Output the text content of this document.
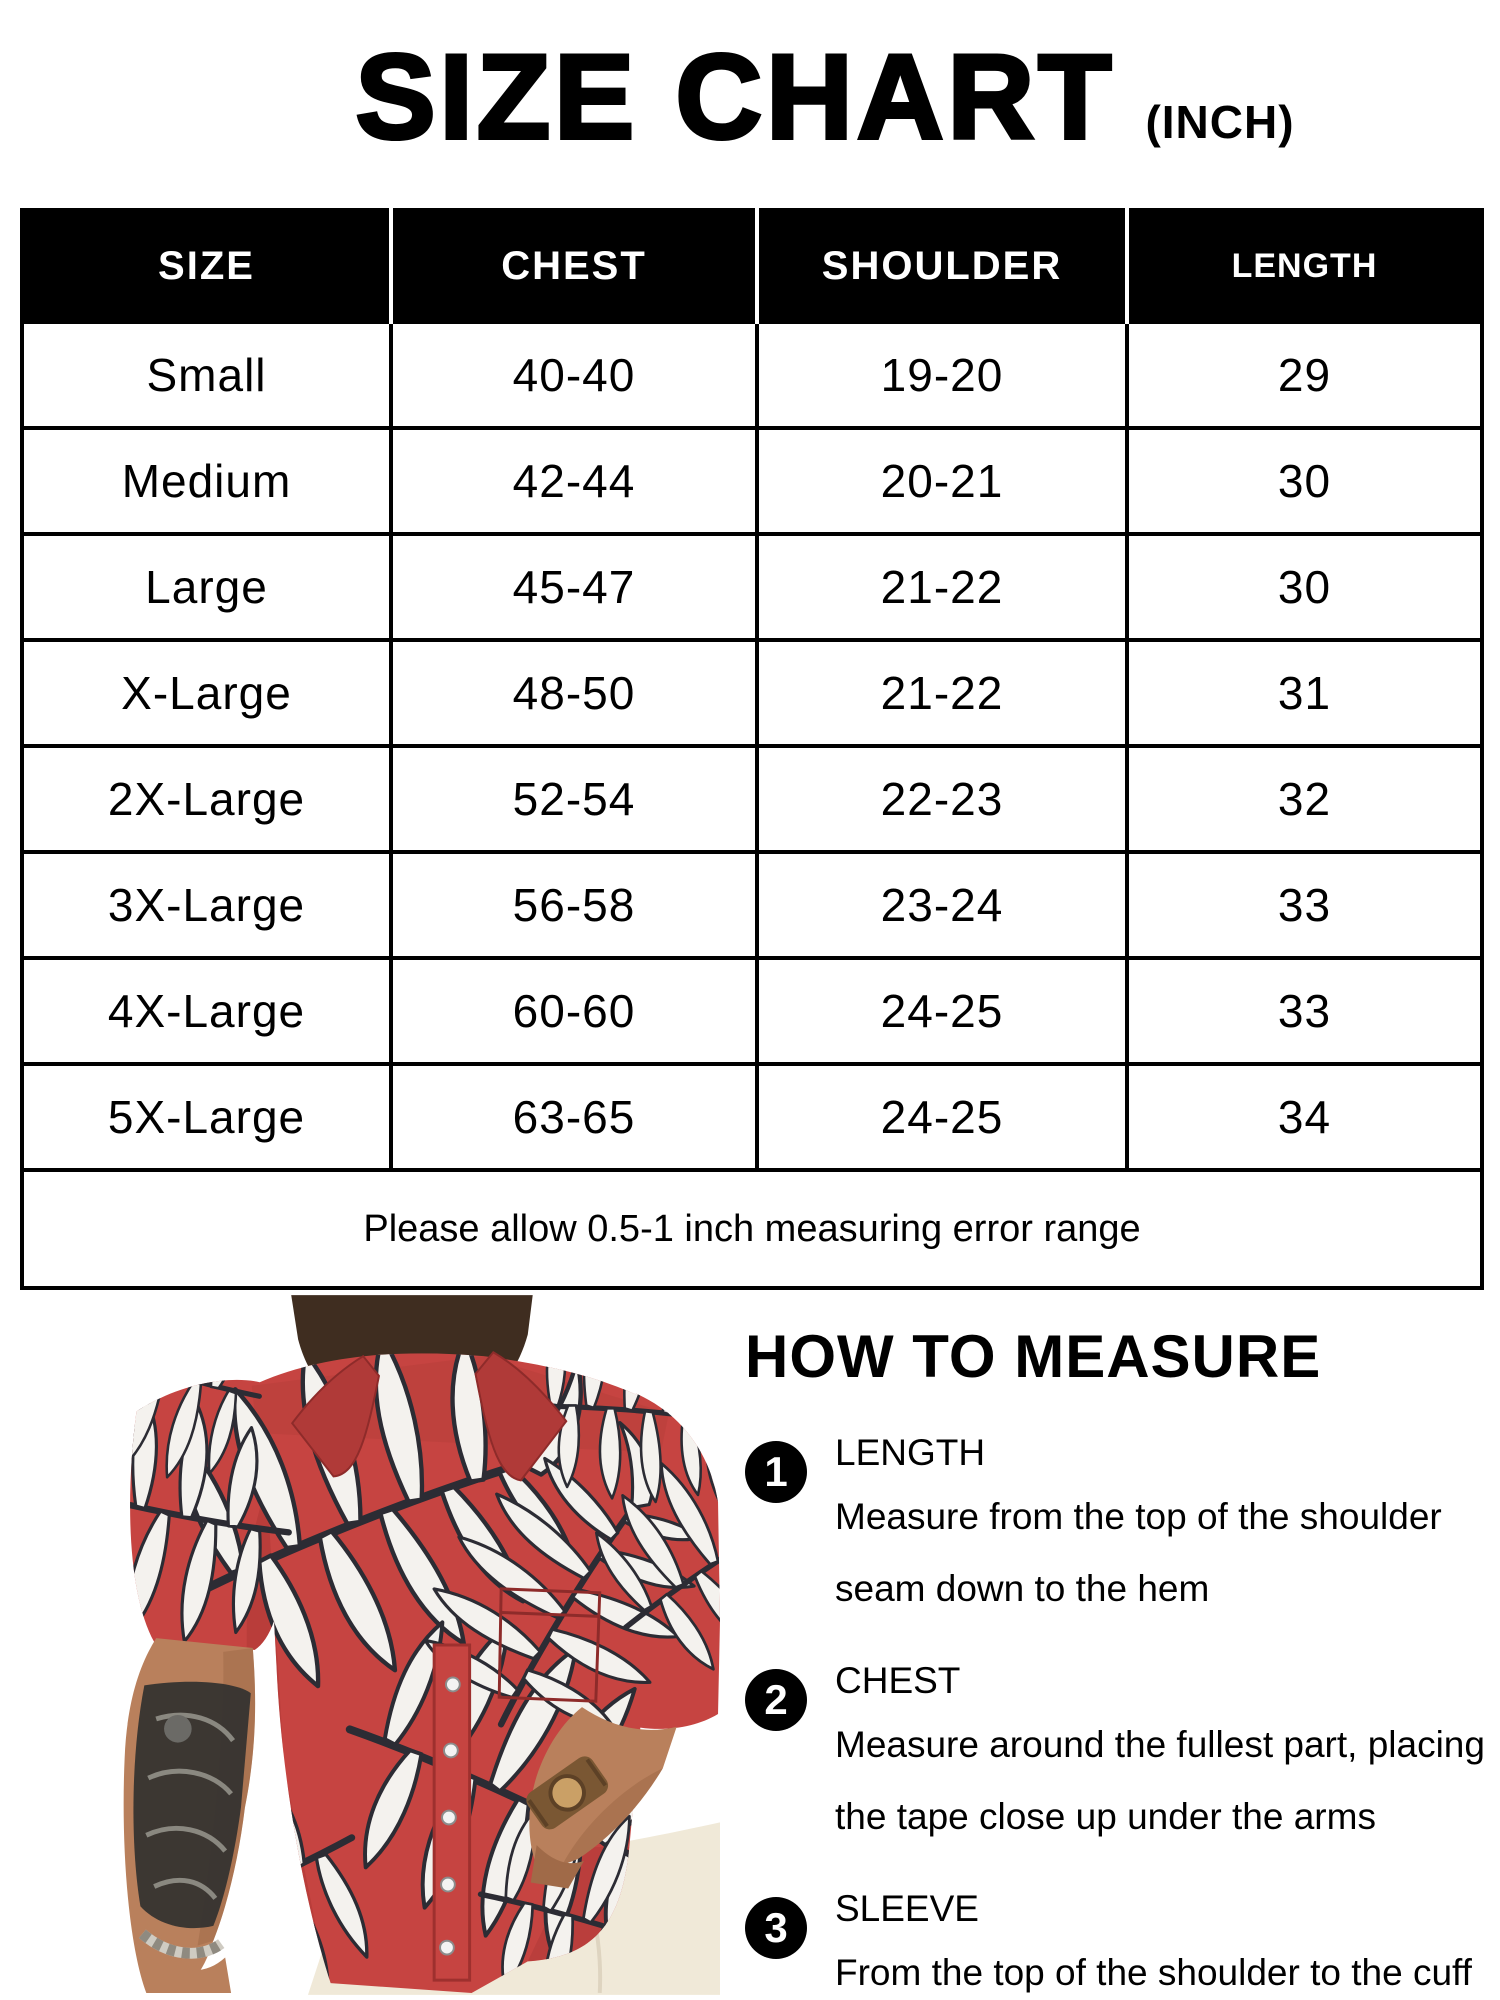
SIZE CHART (INCH)
SIZE	CHEST	SHOULDER	LENGTH
Small	40-40	19-20	29
Medium	42-44	20-21	30
Large	45-47	21-22	30
X-Large	48-50	21-22	31
2X-Large	52-54	22-23	32
3X-Large	56-58	23-24	33
4X-Large	60-60	24-25	33
5X-Large	63-65	24-25	34
Please allow 0.5-1 inch measuring error range			
HOW TO MEASURE
1	LENGTH
Measure from the top of the shoulder seam down to the hem
2	CHEST
Measure around the fullest part, placing the tape close up under the arms
3	SLEEVE
From the top of the shoulder to the cuff
